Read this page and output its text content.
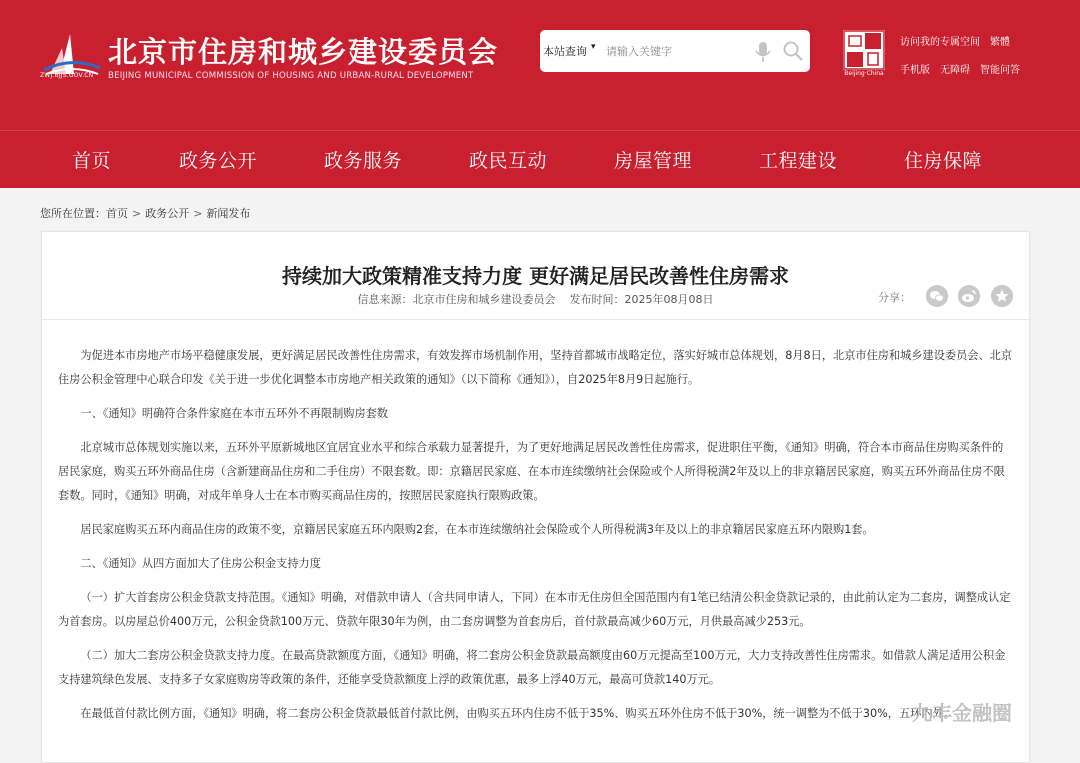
ZWJ.BJJS.GOV.CN
北京市住房和城乡建设委员会
BEIJING MUNICIPAL COMMISSION OF HOUSING AND URBAN-RURAL DEVELOPMENT
本站查询 ▾
请输入关键字
Beijing·China
访问我的专属空间 繁體
手机版 无障碍 智能问答
首页	政务公开	政务服务	政民互动	房屋管理	工程建设	住房保障
您所在位置：首页 > 政务公开 > 新闻发布
持续加大政策精准支持力度 更好满足居民改善性住房需求
信息来源：北京市住房和城乡建设委员会 发布时间：2025年08月08日	分享：

为促进本市房地产市场平稳健康发展，更好满足居民改善性住房需求，有效发挥市场机制作用，坚持首都城市战略定位，落实好城市总体规划，8月8日，北京市住房和城乡建设委员会、北京住房公积金管理中心联合印发《关于进一步优化调整本市房地产相关政策的通知》（以下简称《通知》），自2025年8月9日起施行。

一、《通知》明确符合条件家庭在本市五环外不再限制购房套数

北京城市总体规划实施以来，五环外平原新城地区宜居宜业水平和综合承载力显著提升，为了更好地满足居民改善性住房需求，促进职住平衡，《通知》明确，符合本市商品住房购买条件的居民家庭，购买五环外商品住房（含新建商品住房和二手住房）不限套数。即：京籍居民家庭、在本市连续缴纳社会保险或个人所得税满2年及以上的非京籍居民家庭，购买五环外商品住房不限套数。同时，《通知》明确，对成年单身人士在本市购买商品住房的，按照居民家庭执行限购政策。

居民家庭购买五环内商品住房的政策不变，京籍居民家庭五环内限购2套，在本市连续缴纳社会保险或个人所得税满3年及以上的非京籍居民家庭五环内限购1套。

二、《通知》从四方面加大了住房公积金支持力度

（一）扩大首套房公积金贷款支持范围。《通知》明确，对借款申请人（含共同申请人，下同）在本市无住房但全国范围内有1笔已结清公积金贷款记录的，由此前认定为二套房，调整成认定为首套房。以房屋总价400万元，公积金贷款100万元、贷款年限30年为例，由二套房调整为首套房后，首付款最高减少60万元，月供最高减少253元。

（二）加大二套房公积金贷款支持力度。在最高贷款额度方面，《通知》明确，将二套房公积金贷款最高额度由60万元提高至100万元，大力支持改善性住房需求。如借款人满足适用公积金支持建筑绿色发展、支持多子女家庭购房等政策的条件，还能享受贷款额度上浮的政策优惠，最多上浮40万元，最高可贷款140万元。

在最低首付款比例方面，《通知》明确，将二套房公积金贷款最低首付款比例，由购买五环内住房不低于35%、购买五环外住房不低于30%，统一调整为不低于30%，五环内外。

九丰金融圈
